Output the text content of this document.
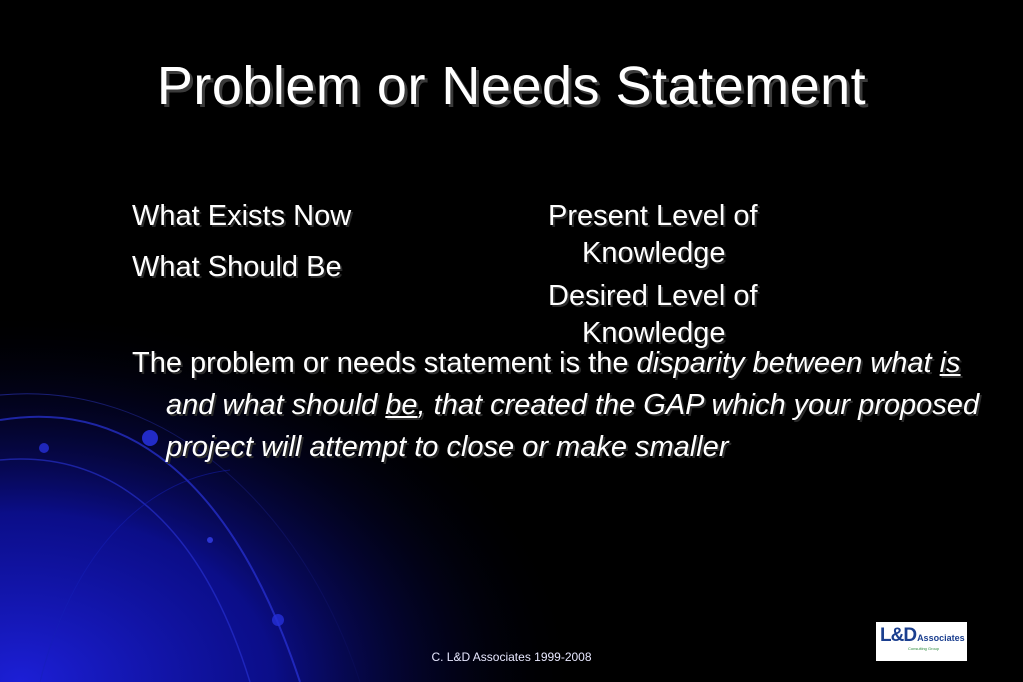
Problem or Needs Statement

What Exists Now

What Should Be

Present Level of Knowledge

Desired Level of Knowledge

The problem or needs statement is the disparity between what is and what should be, that created the GAP which your proposed project will attempt to close or make smaller
C. L&D Associates 1999-2008
L&D Associates
Consulting Group
